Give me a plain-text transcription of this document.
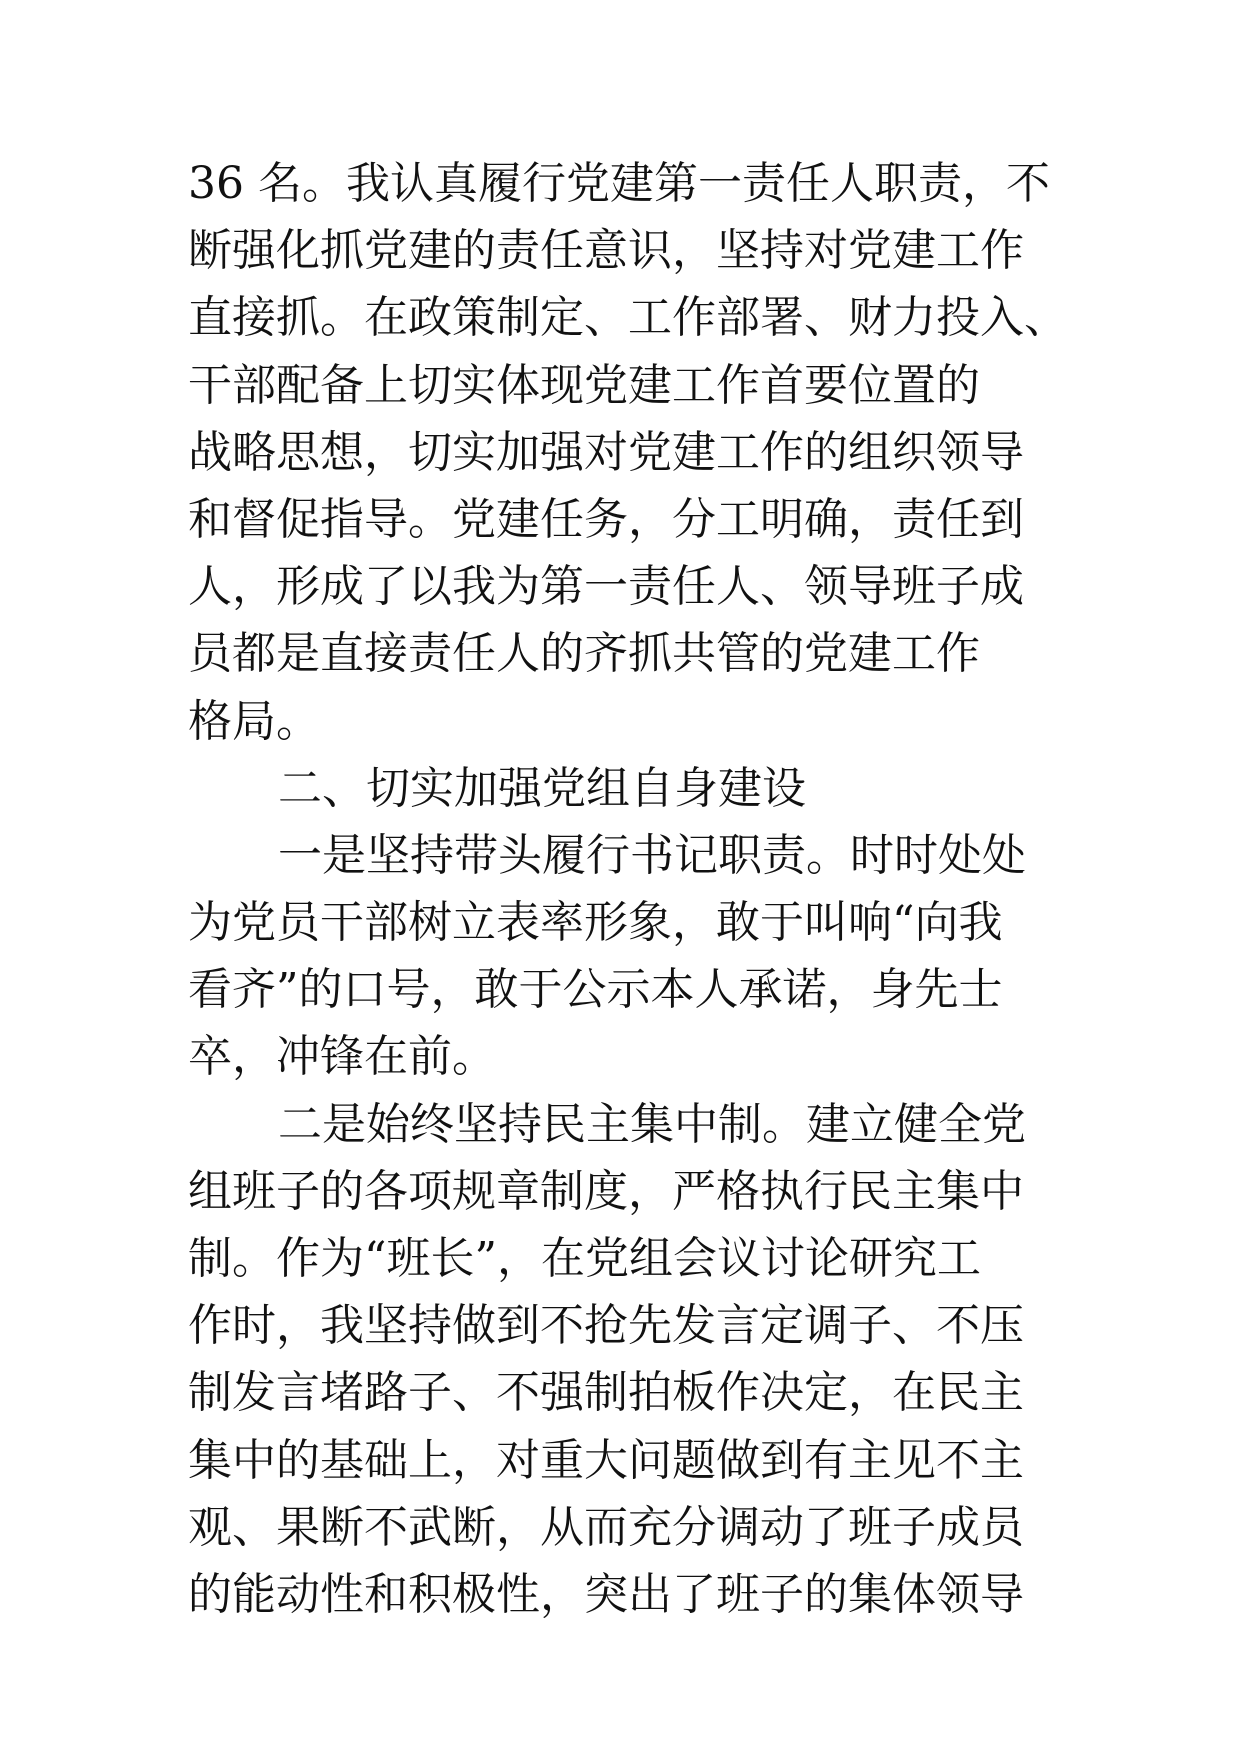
36 名。我认真履行党建第一责任人职责，不
断强化抓党建的责任意识，坚持对党建工作
直接抓。在政策制定、工作部署、财力投入、
干部配备上切实体现党建工作首要位置的
战略思想，切实加强对党建工作的组织领导
和督促指导。党建任务，分工明确，责任到
人，形成了以我为第一责任人、领导班子成
员都是直接责任人的齐抓共管的党建工作
格局。
二、切实加强党组自身建设
一是坚持带头履行书记职责。时时处处
为党员干部树立表率形象，敢于叫响“向我
看齐”的口号，敢于公示本人承诺，身先士
卒，冲锋在前。
二是始终坚持民主集中制。建立健全党
组班子的各项规章制度，严格执行民主集中
制。作为“班长”，在党组会议讨论研究工
作时，我坚持做到不抢先发言定调子、不压
制发言堵路子、不强制拍板作决定，在民主
集中的基础上，对重大问题做到有主见不主
观、果断不武断，从而充分调动了班子成员
的能动性和积极性，突出了班子的集体领导
